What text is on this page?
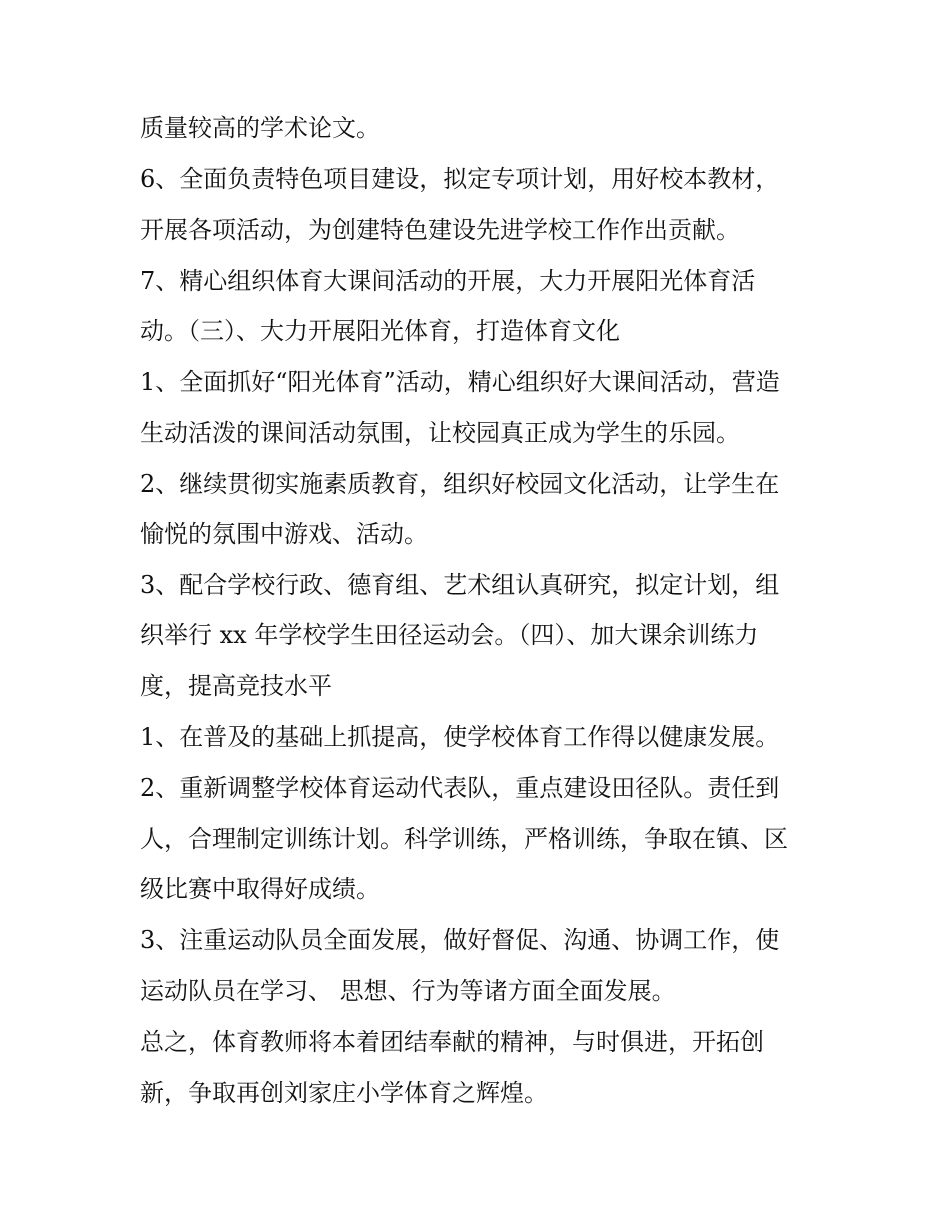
质量较高的学术论文。
6、全面负责特色项目建设，拟定专项计划，用好校本教材，
开展各项活动，为创建特色建设先进学校工作作出贡献。
7、精心组织体育大课间活动的开展，大力开展阳光体育活
动。（三）、大力开展阳光体育，打造体育文化
1、全面抓好“阳光体育”活动，精心组织好大课间活动，营造
生动活泼的课间活动氛围，让校园真正成为学生的乐园。
2、继续贯彻实施素质教育，组织好校园文化活动，让学生在
愉悦的氛围中游戏、活动。
3、配合学校行政、德育组、艺术组认真研究，拟定计划，组
织举行 xx 年学校学生田径运动会。（四）、加大课余训练力
度，提高竞技水平
1、在普及的基础上抓提高，使学校体育工作得以健康发展。
2、重新调整学校体育运动代表队，重点建设田径队。责任到
人，合理制定训练计划。科学训练，严格训练，争取在镇、区
级比赛中取得好成绩。
3、注重运动队员全面发展，做好督促、沟通、协调工作，使
运动队员在学习、 思想、行为等诸方面全面发展。
总之，体育教师将本着团结奉献的精神，与时俱进，开拓创
新，争取再创刘家庄小学体育之辉煌。
